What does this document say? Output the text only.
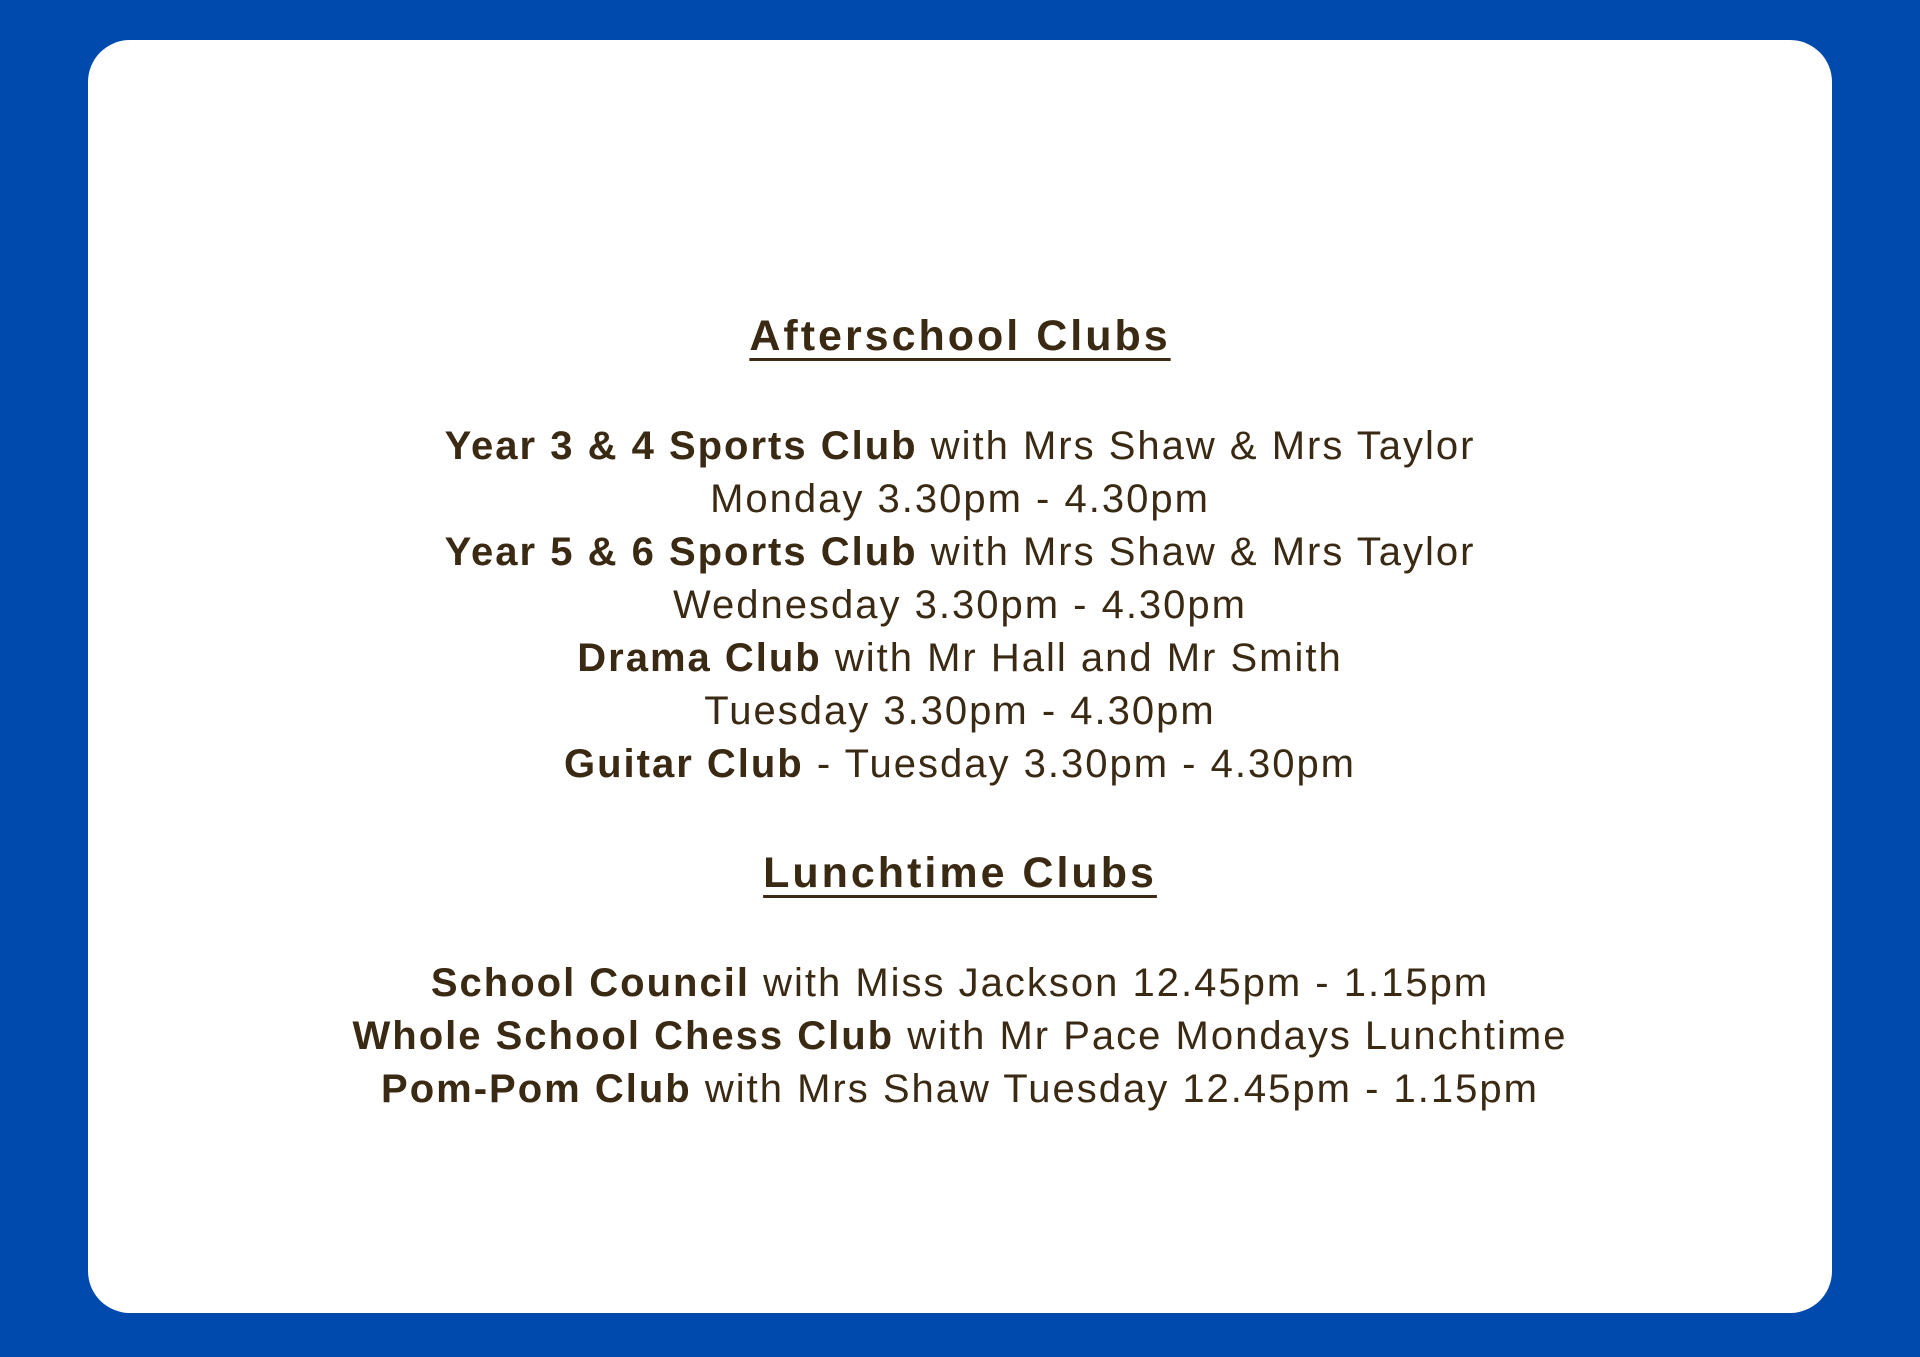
Afterschool Clubs
Year 3 & 4 Sports Club with Mrs Shaw & Mrs Taylor
Monday 3.30pm - 4.30pm
Year 5 & 6 Sports Club with Mrs Shaw & Mrs Taylor
Wednesday 3.30pm - 4.30pm
Drama Club with Mr Hall and Mr Smith
Tuesday 3.30pm - 4.30pm
Guitar Club - Tuesday 3.30pm - 4.30pm
Lunchtime Clubs
School Council with Miss Jackson 12.45pm - 1.15pm
Whole School Chess Club with Mr Pace Mondays Lunchtime
Pom-Pom Club with Mrs Shaw Tuesday 12.45pm - 1.15pm
